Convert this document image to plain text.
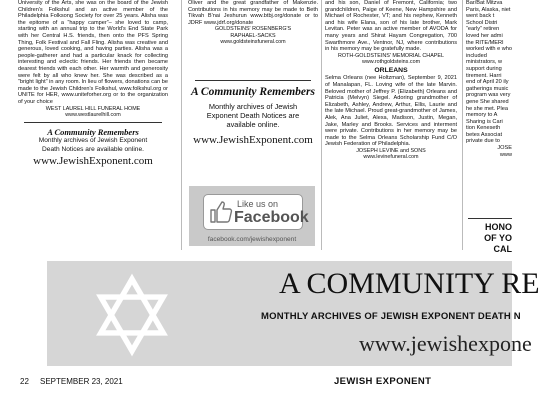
University of the Arts, she was on the board of the Jewish Children's Folkshul and an active member of the Philadelphia Folksong Society for over 25 years. Alisha was the epitome of a “happy camper”– she loved to camp, starting with an annual trip to the World's End State Park with her Central H.S. friends, then onto the PFS Spring Thing, Folk Festival and Fall Fling. Alisha was creative and generous, loved cooking, and having parties. Alisha was a people-gatherer and had a particular knack for collecting interesting and eclectic friends. Her friends then became dearest friends with each other. Her warmth and generosity were felt by all who knew her. She was described as a “bright light” in any room. In lieu of flowers, donations can be made to the Jewish Children's Folkshul, www.folkshul.org or UNITE for HER, www.uniteforher.org or to the organization of your choice

WEST LAUREL HILL FUNERAL HOME
www.westlaurelhill.com
A Community Remembers
Monthly archives of Jewish Exponent Death Notices are available online.
www.JewishExponent.com

Oliver and the great grandfather of Makenzie. Contributions in his memory may be made to Beth Tikvah B'nai Jeshurun www.btbj.org/donate or to JDRF www.jdrf.org/donate

GOLDSTEINS' ROSENBERG'S RAPHAEL-SACKS
www.goldsteinsfuneral.com
A Community Remembers
Monthly archives of Jewish Exponent Death Notices are available online.
www.JewishExponent.com
Like us on
Facebook
facebook.com/jewishexponent

and his son, Daniel of Fremont, California; two grandchildren, Paige of Keene, New Hampshire and Michael of Rochester, VT; and his nephew, Kenneth and his wife Elana, son of his late brother, Mark Levitan. Peter was an active member of AVODA for many years and Shirat Hayam Congregation, 700 Swarthmore Ave., Ventnor, NJ, where contributions in his memory may be gratefully made.

ROTH-GOLDSTEINS' MEMORIAL CHAPEL
www.rothgoldsteins.com
ORLEANS

Selma Orleans (nee Holtzman), September 9, 2021 of Manalapan, FL. Loving wife of the late Marvin. Beloved mother of Jeffrey P. (Elizabeth) Orleans and Patricia (Melvyn) Siegel. Adoring grandmother of Elizabeth, Ashley, Andrew, Arthur, Ellis, Laurie and the late Michael. Proud great-grandmother of James, Alek, Ana Juliet, Alexa, Madison, Justin, Megan, Jake, Marley and Brooks. Services and interment were private. Contributions in her memory may be made to the Selma Orleans Scholarship Fund C/O Jewish Federation of Philadelphia.

JOSEPH LEVINE and SONS
www.levinefuneral.com

Bar/Bat Mitzva Paris, Alaska, niet went back t School Distri “early” retiren loved her admi the RITE/MERI worked with e who included ministrators, w support during tirement. Harri end of April 20 ily gatherings music program was very gene She shared he she met. Plea memory to A Sharing is Cari tion Keneseth betes Associat private due to

JOSE
www
HONO
OF YO
CAL
A COMMUNITY RE
MONTHLY ARCHIVES OF JEWISH EXPONENT DEATH N
www.jewishexpone
22 SEPTEMBER 23, 2021	JEWISH EXPONENT
